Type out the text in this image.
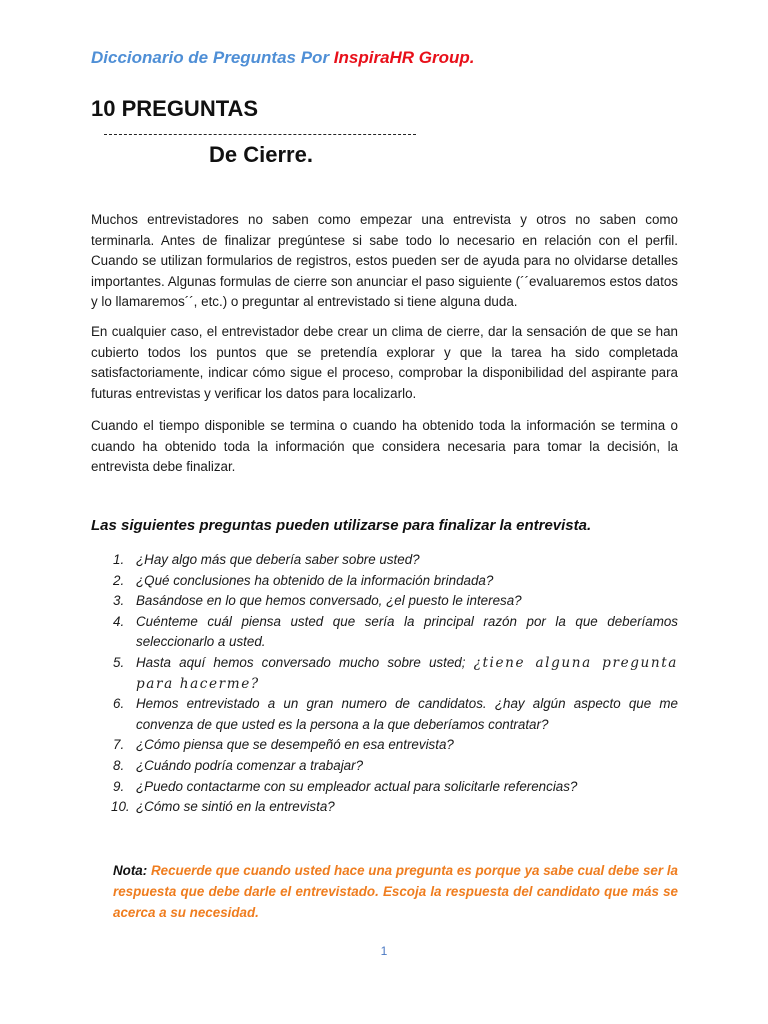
Diccionario de Preguntas Por InspiraHR Group.
10 PREGUNTAS
De Cierre.

Muchos entrevistadores no saben como empezar una entrevista y otros no saben como terminarla. Antes de finalizar pregúntese si sabe todo lo necesario en relación con el perfil. Cuando se utilizan formularios de registros, estos pueden ser de ayuda para no olvidarse detalles importantes. Algunas formulas de cierre son anunciar el paso siguiente (´´evaluaremos estos datos y lo llamaremos´´, etc.) o preguntar al entrevistado si tiene alguna duda.

En cualquier caso, el entrevistador debe crear un clima de cierre, dar la sensación de que se han cubierto todos los puntos que se pretendía explorar y que la tarea ha sido completada satisfactoriamente, indicar cómo sigue el proceso, comprobar la disponibilidad del aspirante para futuras entrevistas y verificar los datos para localizarlo.

Cuando el tiempo disponible se termina o cuando ha obtenido toda la información se termina o cuando ha obtenido toda la información que considera necesaria para tomar la decisión, la entrevista debe finalizar.

Las siguientes preguntas pueden utilizarse para finalizar la entrevista.
1. ¿Hay algo más que debería saber sobre usted?
2. ¿Qué conclusiones ha obtenido de la información brindada?
3. Basándose en lo que hemos conversado, ¿el puesto le interesa?
4. Cuénteme cuál piensa usted que sería la principal razón por la que deberíamos seleccionarlo a usted.
5. Hasta aquí hemos conversado mucho sobre usted; ¿tiene alguna pregunta para hacerme?
6. Hemos entrevistado a un gran numero de candidatos. ¿hay algún aspecto que me convenza de que usted es la persona a la que deberíamos contratar?
7. ¿Cómo piensa que se desempeñó en esa entrevista?
8. ¿Cuándo podría comenzar a trabajar?
9. ¿Puedo contactarme con su empleador actual para solicitarle referencias?
10. ¿Cómo se sintió en la entrevista?

Nota: Recuerde que cuando usted hace una pregunta es porque ya sabe cual debe ser la respuesta que debe darle el entrevistado. Escoja la respuesta del candidato que más se acerca a su necesidad.

1
